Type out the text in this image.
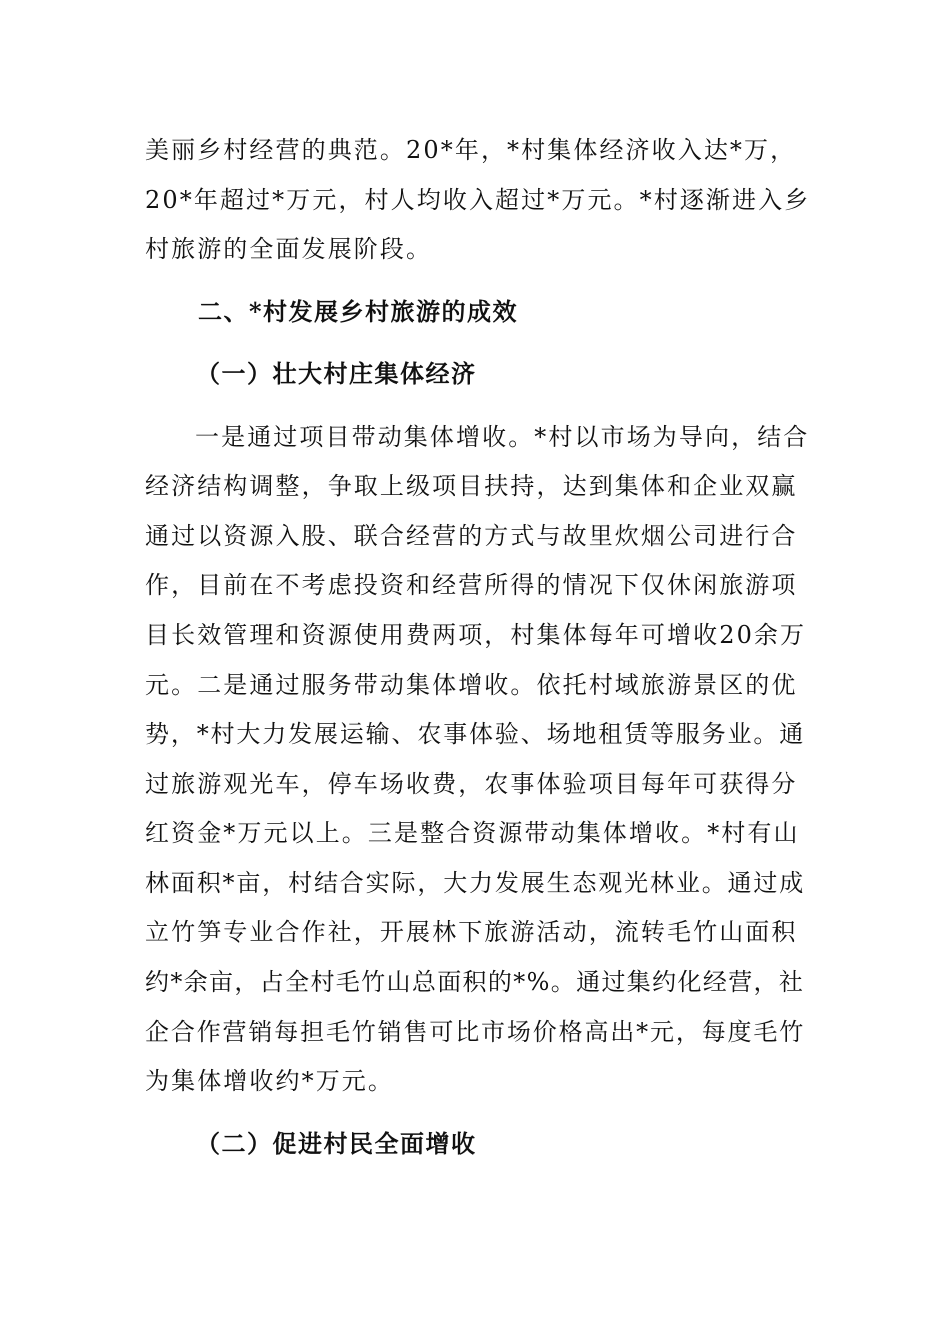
美丽乡村经营的典范。20*年，*村集体经济收入达*万，
20*年超过*万元，村人均收入超过*万元。*村逐渐进入乡
村旅游的全面发展阶段。
二、*村发展乡村旅游的成效
（一）壮大村庄集体经济
一是通过项目带动集体增收。*村以市场为导向，结合
经济结构调整，争取上级项目扶持，达到集体和企业双赢
通过以资源入股、联合经营的方式与故里炊烟公司进行合
作，目前在不考虑投资和经营所得的情况下仅休闲旅游项
目长效管理和资源使用费两项，村集体每年可增收20余万
元。二是通过服务带动集体增收。依托村域旅游景区的优
势，*村大力发展运输、农事体验、场地租赁等服务业。通
过旅游观光车，停车场收费，农事体验项目每年可获得分
红资金*万元以上。三是整合资源带动集体增收。*村有山
林面积*亩，村结合实际，大力发展生态观光林业。通过成
立竹笋专业合作社，开展林下旅游活动，流转毛竹山面积
约*余亩，占全村毛竹山总面积的*%。通过集约化经营，社
企合作营销每担毛竹销售可比市场价格高出*元，每度毛竹
为集体增收约*万元。
（二）促进村民全面增收
